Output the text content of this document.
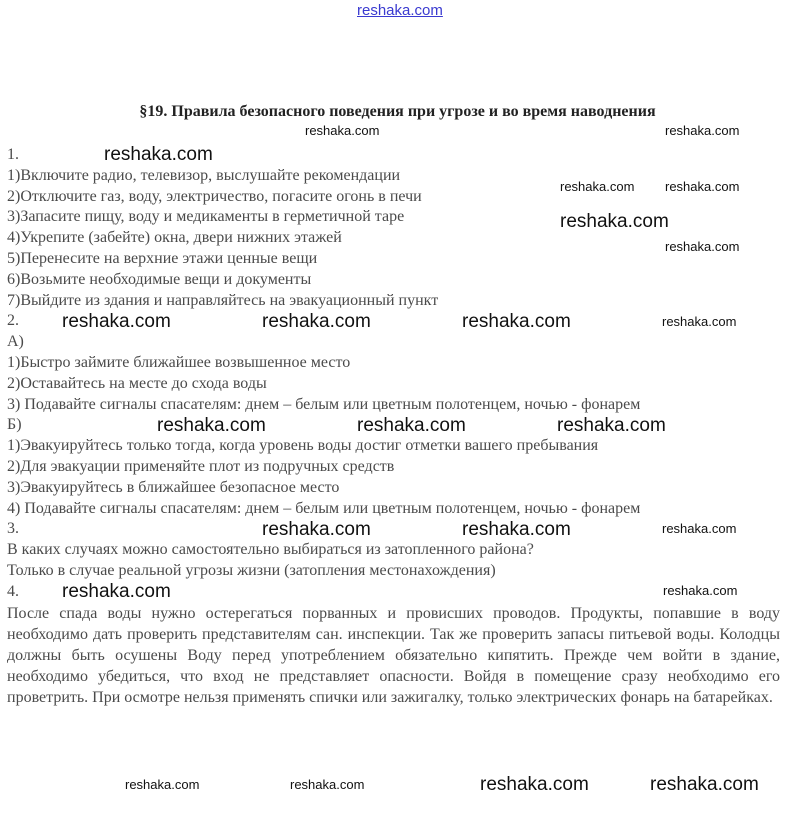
reshaka.com
§19. Правила безопасного поведения при угрозе и во время наводнения
1.
1)Включите радио, телевизор, выслушайте рекомендации
2)Отключите газ, воду, электричество, погасите огонь в печи
3)Запасите пищу, воду и медикаменты в герметичной таре
4)Укрепите (забейте) окна, двери нижних этажей
5)Перенесите на верхние этажи ценные вещи
6)Возьмите необходимые вещи и документы
7)Выйдите из здания и направляйтесь на эвакуационный пункт
2.
А)
1)Быстро займите ближайшее возвышенное место
2)Оставайтесь на месте до схода воды
3) Подавайте сигналы спасателям: днем – белым или цветным полотенцем, ночью - фонарем
Б)
1)Эвакуируйтесь только тогда, когда уровень воды достиг отметки вашего пребывания
2)Для эвакуации применяйте плот из подручных средств
3)Эвакуируйтесь в ближайшее безопасное место
4) Подавайте сигналы спасателям: днем – белым или цветным полотенцем, ночью - фонарем
3.
В каких случаях можно самостоятельно выбираться из затопленного района?
Только в случае реальной угрозы жизни (затопления местонахождения)
4.
После спада воды нужно остерегаться порванных и провисших проводов. Продукты, попавшие в воду необходимо дать проверить представителям сан. инспекции. Так же проверить запасы питьевой воды. Колодцы должны быть осушены Воду перед употреблением обязательно кипятить. Прежде чем войти в здание, необходимо убедиться, что вход не представляет опасности. Войдя в помещение сразу необходимо его проветрить. При осмотре нельзя применять спички или зажигалку, только электрических фонарь на батарейках.
reshaka.com	reshaka.com
reshaka.com
reshaka.com reshaka.com
reshaka.com
reshaka.com
reshaka.com	reshaka.com	reshaka.com	reshaka.com
reshaka.com	reshaka.com	reshaka.com
reshaka.com	reshaka.com	reshaka.com
reshaka.com	reshaka.com
reshaka.com	reshaka.com	reshaka.com	reshaka.com
